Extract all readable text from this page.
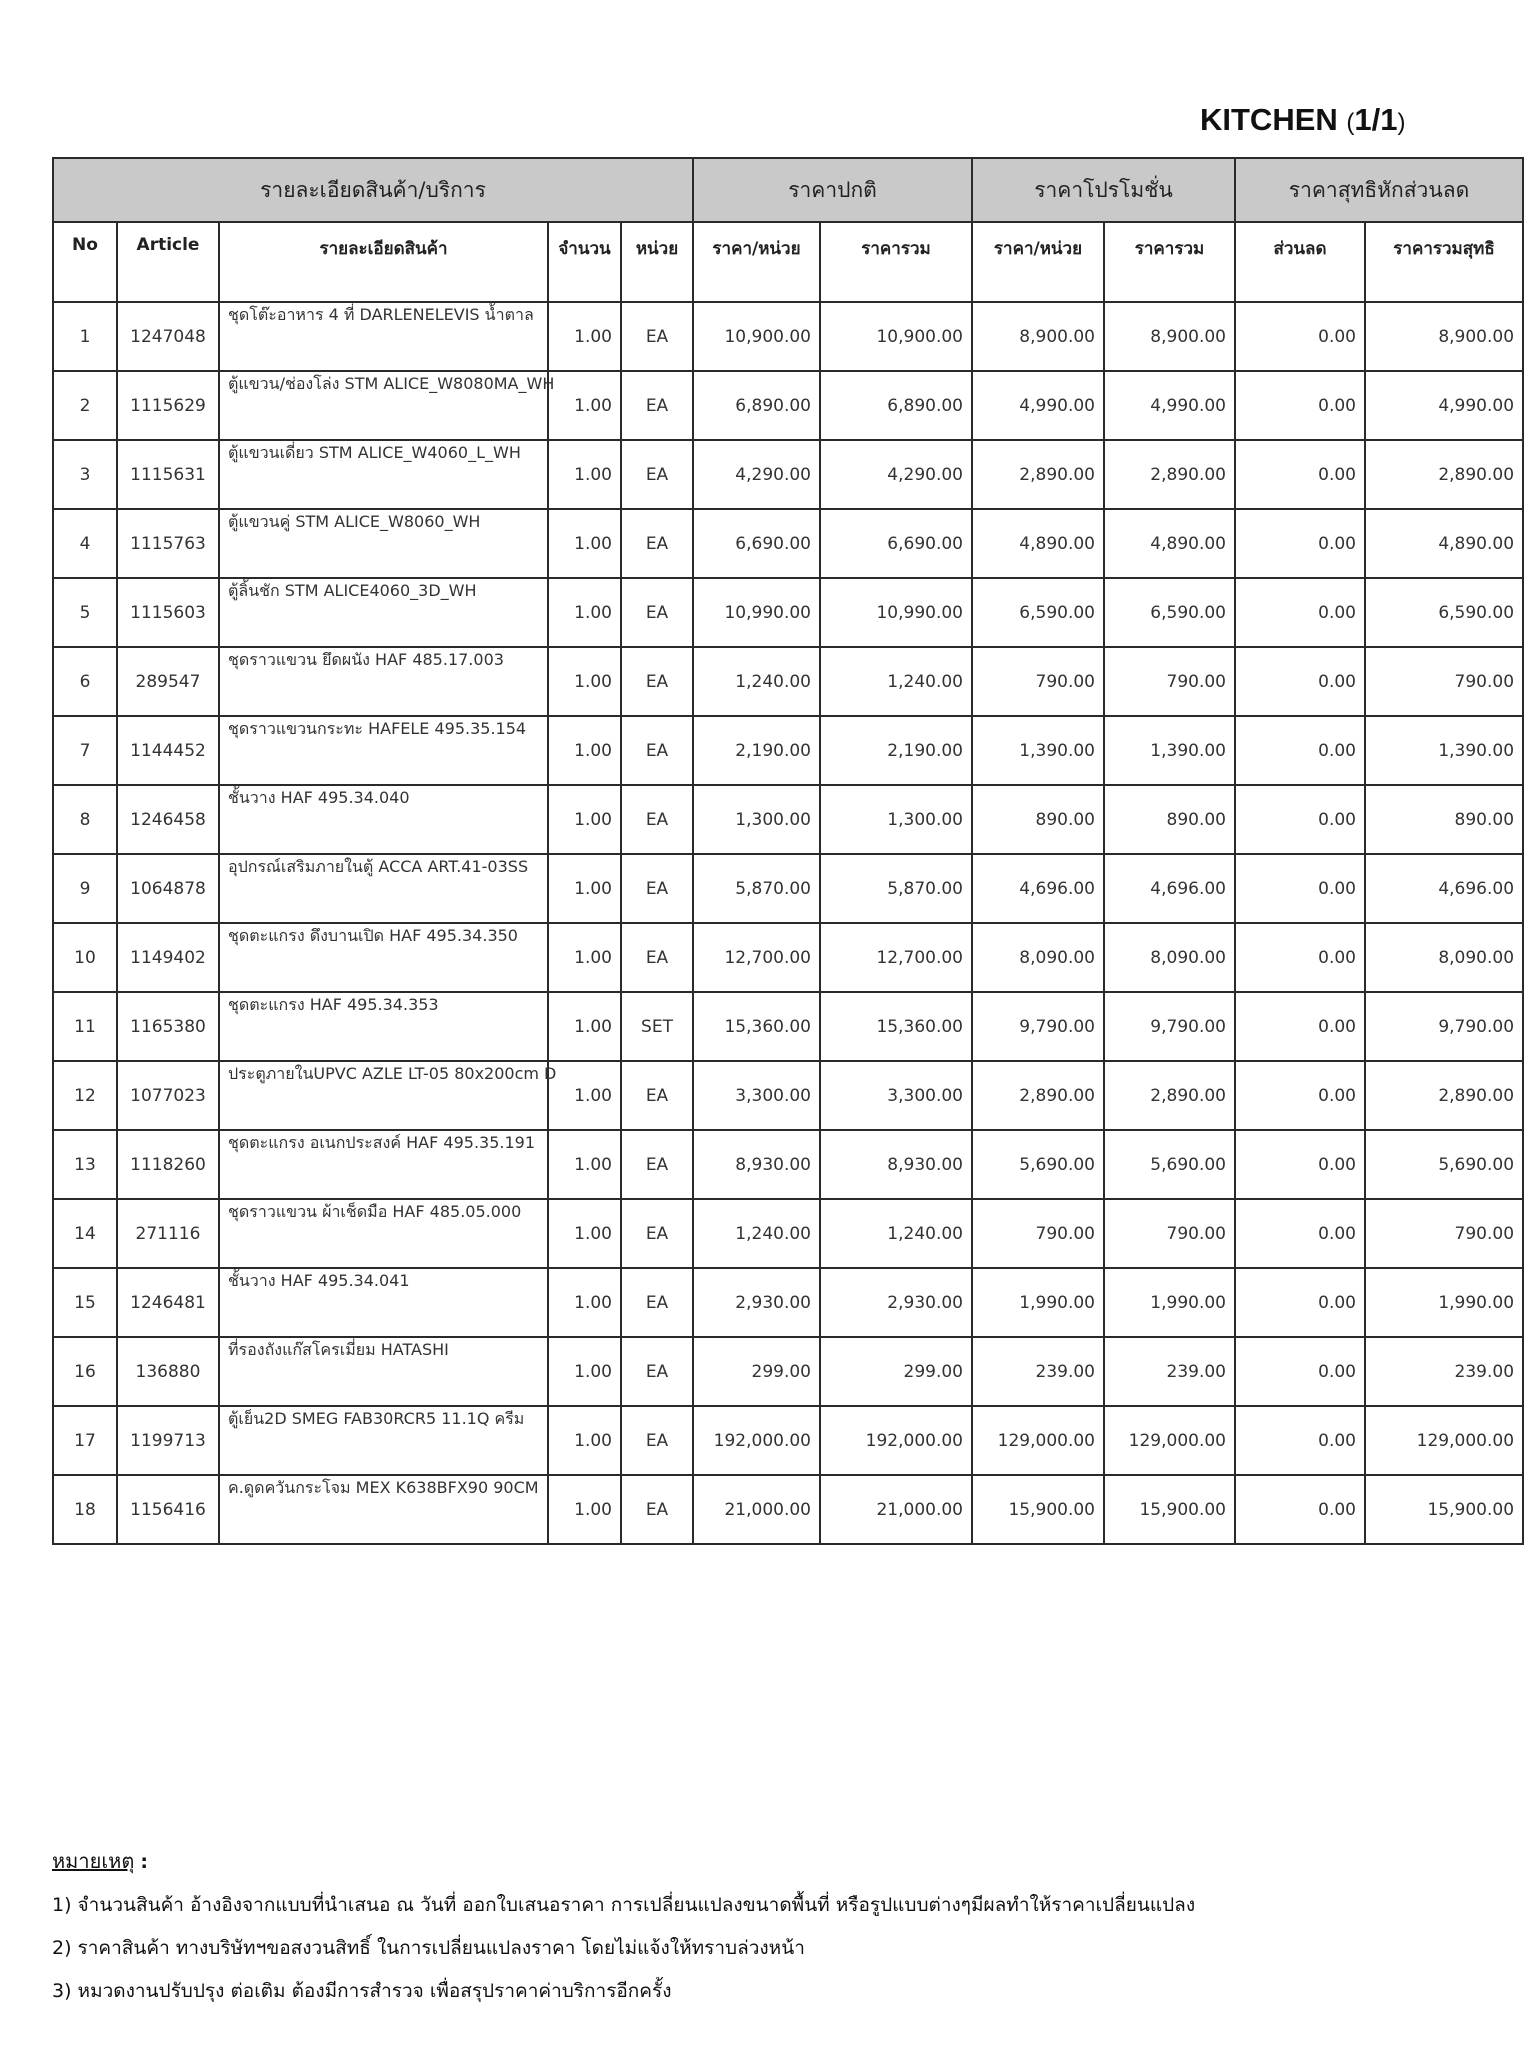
KITCHEN (1/1)
รายละเอียดสินค้า/บริการ					ราคาปกติ		ราคาโปรโมชั่น		ราคาสุทธิหักส่วนลด	
No	Article	รายละเอียดสินค้า	จำนวน	หน่วย	ราคา/หน่วย	ราคารวม	ราคา/หน่วย	ราคารวม	ส่วนลด	ราคารวมสุทธิ
1	1247048	ชุดโต๊ะอาหาร 4 ที่ DARLENELEVIS น้ำตาล	1.00	EA	10,900.00	10,900.00	8,900.00	8,900.00	0.00	8,900.00
2	1115629	ตู้แขวน/ช่องโล่ง STM ALICE_W8080MA_WH	1.00	EA	6,890.00	6,890.00	4,990.00	4,990.00	0.00	4,990.00
3	1115631	ตู้แขวนเดี่ยว STM ALICE_W4060_L_WH	1.00	EA	4,290.00	4,290.00	2,890.00	2,890.00	0.00	2,890.00
4	1115763	ตู้แขวนคู่ STM ALICE_W8060_WH	1.00	EA	6,690.00	6,690.00	4,890.00	4,890.00	0.00	4,890.00
5	1115603	ตู้ลิ้นชัก STM ALICE4060_3D_WH	1.00	EA	10,990.00	10,990.00	6,590.00	6,590.00	0.00	6,590.00
6	289547	ชุดราวแขวน ยึดผนัง HAF 485.17.003	1.00	EA	1,240.00	1,240.00	790.00	790.00	0.00	790.00
7	1144452	ชุดราวแขวนกระทะ HAFELE 495.35.154	1.00	EA	2,190.00	2,190.00	1,390.00	1,390.00	0.00	1,390.00
8	1246458	ชั้นวาง HAF 495.34.040	1.00	EA	1,300.00	1,300.00	890.00	890.00	0.00	890.00
9	1064878	อุปกรณ์เสริมภายในตู้ ACCA ART.41-03SS	1.00	EA	5,870.00	5,870.00	4,696.00	4,696.00	0.00	4,696.00
10	1149402	ชุดตะแกรง ดึงบานเปิด HAF 495.34.350	1.00	EA	12,700.00	12,700.00	8,090.00	8,090.00	0.00	8,090.00
11	1165380	ชุดตะแกรง HAF 495.34.353	1.00	SET	15,360.00	15,360.00	9,790.00	9,790.00	0.00	9,790.00
12	1077023	ประตูภายในUPVC AZLE LT-05 80x200cm D	1.00	EA	3,300.00	3,300.00	2,890.00	2,890.00	0.00	2,890.00
13	1118260	ชุดตะแกรง อเนกประสงค์ HAF 495.35.191	1.00	EA	8,930.00	8,930.00	5,690.00	5,690.00	0.00	5,690.00
14	271116	ชุดราวแขวน ผ้าเช็ดมือ HAF 485.05.000	1.00	EA	1,240.00	1,240.00	790.00	790.00	0.00	790.00
15	1246481	ชั้นวาง HAF 495.34.041	1.00	EA	2,930.00	2,930.00	1,990.00	1,990.00	0.00	1,990.00
16	136880	ที่รองถังแก๊สโครเมี่ยม HATASHI	1.00	EA	299.00	299.00	239.00	239.00	0.00	239.00
17	1199713	ตู้เย็น2D SMEG FAB30RCR5 11.1Q ครีม	1.00	EA	192,000.00	192,000.00	129,000.00	129,000.00	0.00	129,000.00
18	1156416	ค.ดูดควันกระโจม MEX K638BFX90 90CM	1.00	EA	21,000.00	21,000.00	15,900.00	15,900.00	0.00	15,900.00
หมายเหตุ :
1) จำนวนสินค้า อ้างอิงจากแบบที่นำเสนอ ณ วันที่ ออกใบเสนอราคา การเปลี่ยนแปลงขนาดพื้นที่ หรือรูปแบบต่างๆมีผลทำให้ราคาเปลี่ยนแปลง
2) ราคาสินค้า ทางบริษัทฯขอสงวนสิทธิ์ ในการเปลี่ยนแปลงราคา โดยไม่แจ้งให้ทราบล่วงหน้า
3) หมวดงานปรับปรุง ต่อเติม ต้องมีการสำรวจ เพื่อสรุปราคาค่าบริการอีกครั้ง
